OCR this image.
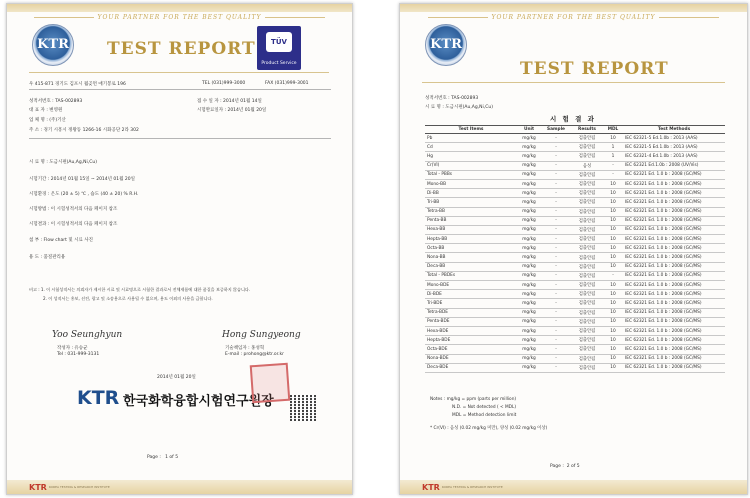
YOUR PARTNER FOR THE BEST QUALITY
KTR TEST REPORT	TÜV
Product Service
우 415-871 경기도 김포시 월곶면 애기봉로 196	TEL (031)999-3000	FAX (031)999-3001
성적서번호 : TAS-002893	접 수 일 자 : 2014년 01월 14일
대 표 자 : 변영원	시험완료일자 : 2014년 01월 20일
업 체 명 : (주)기산
주 소 : 경기 시흥시 정왕동 1266-16 시화공단 2라 302
시 료 명 : 도금시편(Au,Ag,Ni,Cu)
시험기간 : 2014년 01월 15일 ~ 2014년 01월 20일
시험환경 : 온도 (20 ± 5) ℃ , 습도 (40 ± 20) % R.H.
시험방법 : 이 시험성적서의 다음 페이지 참조
시험결과 : 이 시험성적서의 다음 페이지 참조
첨 부 : Flow chart 및 시료 사진
용 도 : 품질관리용
비고 : 1. 이 시험성적서는 의뢰자가 제시한 시료 및 시료명으로 시험한 결과로서 전체제품에 대한 품질을 보증하지 않습니다.
2. 이 성적서는 홍보, 선전, 광고 및 소송용으로 사용될 수 없으며, 용도 이외의 사용을 금합니다.
Yoo Seunghyun
작성자 : 유승균
Tel : 031-999-3131
Hong Sungyeong
기술책임자 : 홍성혁
E-mail : prohong@ktr.or.kr
2014년 01월 20일
KTR 한국화학융합시험연구원장
Page : 1 of 5
KTR KOREA TESTING & RESEARCH INSTITUTE
YOUR PARTNER FOR THE BEST QUALITY
KTR
TEST REPORT
성적서번호 : TAS-002893
시 료 명 : 도금시편(Au,Ag,Ni,Cu)
시 험 결 과
Test Items	Unit	Sample	Results	MDL	Test Methods
Pb	mg/kg	-	검출안됨	10	IEC 62321-5 Ed.1.0b : 2013 (AAS)
Cd	mg/kg	-	검출안됨	1	IEC 62321-5 Ed.1.0b : 2013 (AAS)
Hg	mg/kg	-	검출안됨	1	IEC 62321-4 Ed.1.0b : 2013 (AAS)
Cr(VI)	mg/kg	-	음성	-	IEC 62321 Ed.1.0b : 2008 (UV/Vis)
Total - PBBs	mg/kg	-	검출안됨	-	IEC 62321 Ed. 1.0 b : 2008 (GC/MS)
Mono-BB	mg/kg	-	검출안됨	10	IEC 62321 Ed. 1.0 b : 2008 (GC/MS)
Di-BB	mg/kg	-	검출안됨	10	IEC 62321 Ed. 1.0 b : 2008 (GC/MS)
Tri-BB	mg/kg	-	검출안됨	10	IEC 62321 Ed. 1.0 b : 2008 (GC/MS)
Tetra-BB	mg/kg	-	검출안됨	10	IEC 62321 Ed. 1.0 b : 2008 (GC/MS)
Penta-BB	mg/kg	-	검출안됨	10	IEC 62321 Ed. 1.0 b : 2008 (GC/MS)
Hexa-BB	mg/kg	-	검출안됨	10	IEC 62321 Ed. 1.0 b : 2008 (GC/MS)
Hepta-BB	mg/kg	-	검출안됨	10	IEC 62321 Ed. 1.0 b : 2008 (GC/MS)
Octa-BB	mg/kg	-	검출안됨	10	IEC 62321 Ed. 1.0 b : 2008 (GC/MS)
Nona-BB	mg/kg	-	검출안됨	10	IEC 62321 Ed. 1.0 b : 2008 (GC/MS)
Deca-BB	mg/kg	-	검출안됨	10	IEC 62321 Ed. 1.0 b : 2008 (GC/MS)
Total - PBDEs	mg/kg	-	검출안됨	-	IEC 62321 Ed. 1.0 b : 2008 (GC/MS)
Mono-BDE	mg/kg	-	검출안됨	10	IEC 62321 Ed. 1.0 b : 2008 (GC/MS)
Di-BDE	mg/kg	-	검출안됨	10	IEC 62321 Ed. 1.0 b : 2008 (GC/MS)
Tri-BDE	mg/kg	-	검출안됨	10	IEC 62321 Ed. 1.0 b : 2008 (GC/MS)
Tetra-BDE	mg/kg	-	검출안됨	10	IEC 62321 Ed. 1.0 b : 2008 (GC/MS)
Penta-BDE	mg/kg	-	검출안됨	10	IEC 62321 Ed. 1.0 b : 2008 (GC/MS)
Hexa-BDE	mg/kg	-	검출안됨	10	IEC 62321 Ed. 1.0 b : 2008 (GC/MS)
Hepta-BDE	mg/kg	-	검출안됨	10	IEC 62321 Ed. 1.0 b : 2008 (GC/MS)
Octa-BDE	mg/kg	-	검출안됨	10	IEC 62321 Ed. 1.0 b : 2008 (GC/MS)
Nona-BDE	mg/kg	-	검출안됨	10	IEC 62321 Ed. 1.0 b : 2008 (GC/MS)
Deca-BDE	mg/kg	-	검출안됨	10	IEC 62321 Ed. 1.0 b : 2008 (GC/MS)
Notes : mg/kg = ppm (parts per million)
N.D. = Not detected ( < MDL)
MDL = Method detection limit
* Cr(VI) : 음성 (0.02 mg/kg 미만), 양성 (0.02 mg/kg 이상)
Page : 2 of 5
KTR KOREA TESTING & RESEARCH INSTITUTE
